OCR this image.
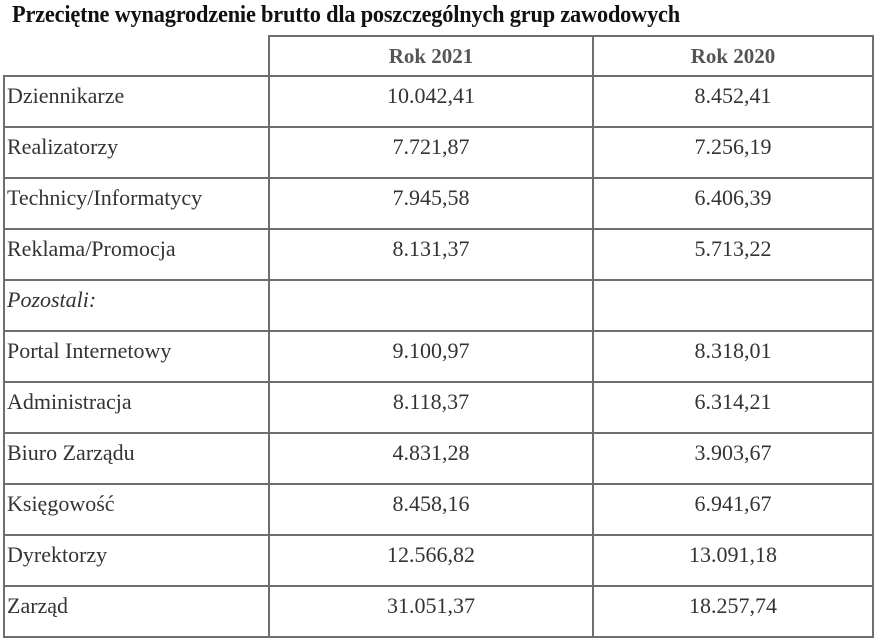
Przeciętne wynagrodzenie brutto dla poszczególnych grup zawodowych
	Rok 2021	Rok 2020
Dziennikarze	10.042,41	8.452,41
Realizatorzy	7.721,87	7.256,19
Technicy/Informatycy	7.945,58	6.406,39
Reklama/Promocja	8.131,37	5.713,22
Pozostali:		
Portal Internetowy	9.100,97	8.318,01
Administracja	8.118,37	6.314,21
Biuro Zarządu	4.831,28	3.903,67
Księgowość	8.458,16	6.941,67
Dyrektorzy	12.566,82	13.091,18
Zarząd	31.051,37	18.257,74
